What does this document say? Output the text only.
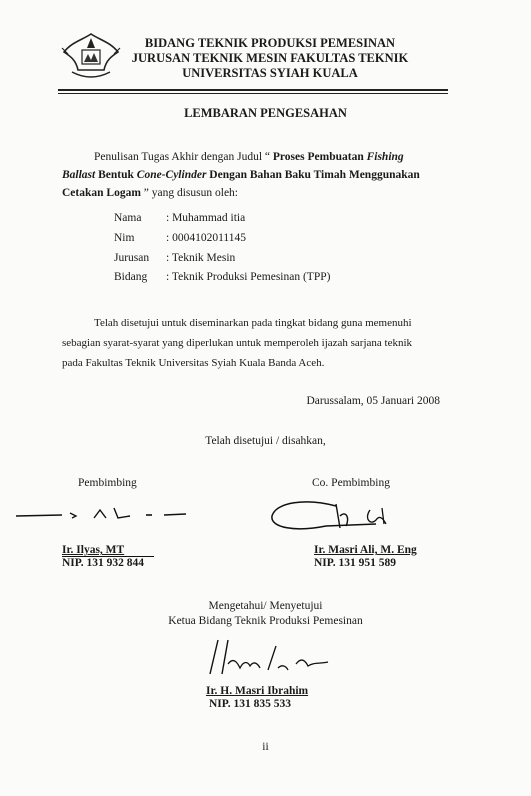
BIDANG TEKNIK PRODUKSI PEMESINAN
JURUSAN TEKNIK MESIN FAKULTAS TEKNIK
UNIVERSITAS SYIAH KUALA
LEMBARAN PENGESAHAN
Penulisan Tugas Akhir dengan Judul “ Proses Pembuatan Fishing
Ballast Bentuk Cone-Cylinder Dengan Bahan Baku Timah Menggunakan
Cetakan Logam ” yang disusun oleh:
Nama : Muhammad itia
Nim	: 0004102011145
Jurusan : Teknik Mesin
Bidang : Teknik Produksi Pemesinan (TPP)
Telah disetujui untuk diseminarkan pada tingkat bidang guna memenuhi
sebagian syarat-syarat yang diperlukan untuk memperoleh ijazah sarjana teknik
pada Fakultas Teknik Universitas Syiah Kuala Banda Aceh.
Darussalam, 05 Januari 2008
Telah disetujui / disahkan,
Pembimbing
Ir. Ilyas, MT
NIP. 131 932 844
Co. Pembimbing
Ir. Masri Ali, M. Eng
NIP. 131 951 589
Mengetahui/ Menyetujui
Ketua Bidang Teknik Produksi Pemesinan
Ir. H. Masri Ibrahim
NIP. 131 835 533
ii
